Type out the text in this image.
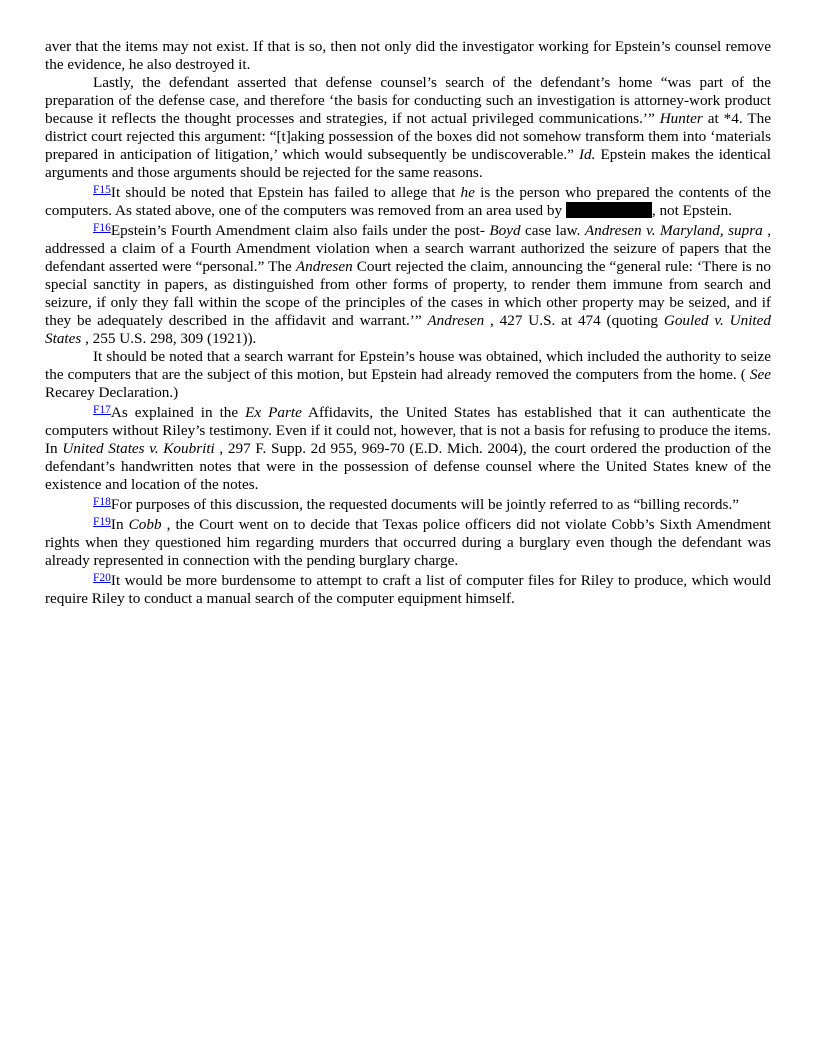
aver that the items may not exist. If that is so, then not only did the investigator working for Epstein’s counsel remove the evidence, he also destroyed it.

Lastly, the defendant asserted that defense counsel’s search of the defendant’s home “was part of the preparation of the defense case, and therefore ‘the basis for conducting such an investigation is attorney-work product because it reflects the thought processes and strategies, if not actual privileged communications.’” Hunter at *4. The district court rejected this argument: “[t]aking possession of the boxes did not somehow transform them into ‘materials prepared in anticipation of litigation,’ which would subsequently be undiscoverable.” Id. Epstein makes the identical arguments and those arguments should be rejected for the same reasons.

$^{F15}$It should be noted that Epstein has failed to allege that he is the person who prepared the contents of the computers. As stated above, one of the computers was removed from an area used by	, not Epstein.

$^{F16}$Epstein’s Fourth Amendment claim also fails under the post- Boyd case law. Andresen v. Maryland, supra , addressed a claim of a Fourth Amendment violation when a search warrant authorized the seizure of papers that the defendant asserted were “personal.” The Andresen Court rejected the claim, announcing the “general rule: ‘There is no special sanctity in papers, as distinguished from other forms of property, to render them immune from search and seizure, if only they fall within the scope of the principles of the cases in which other property may be seized, and if they be adequately described in the affidavit and warrant.’” Andresen , 427 U.S. at 474 (quoting Gouled v. United States , 255 U.S. 298, 309 (1921)).

It should be noted that a search warrant for Epstein’s house was obtained, which included the authority to seize the computers that are the subject of this motion, but Epstein had already removed the computers from the home. ( See Recarey Declaration.)

$^{F17}$As explained in the Ex Parte Affidavits, the United States has established that it can authenticate the computers without Riley’s testimony. Even if it could not, however, that is not a basis for refusing to produce the items. In United States v. Koubriti , 297 F. Supp. 2d 955, 969-70 (E.D. Mich. 2004), the court ordered the production of the defendant’s handwritten notes that were in the possession of defense counsel where the United States knew of the existence and location of the notes.

$^{F18}$For purposes of this discussion, the requested documents will be jointly referred to as “billing records.”

$^{F19}$In Cobb , the Court went on to decide that Texas police officers did not violate Cobb’s Sixth Amendment rights when they questioned him regarding murders that occurred during a burglary even though the defendant was already represented in connection with the pending burglary charge.

$^{F20}$It would be more burdensome to attempt to craft a list of computer files for Riley to produce, which would require Riley to conduct a manual search of the computer equipment himself.
